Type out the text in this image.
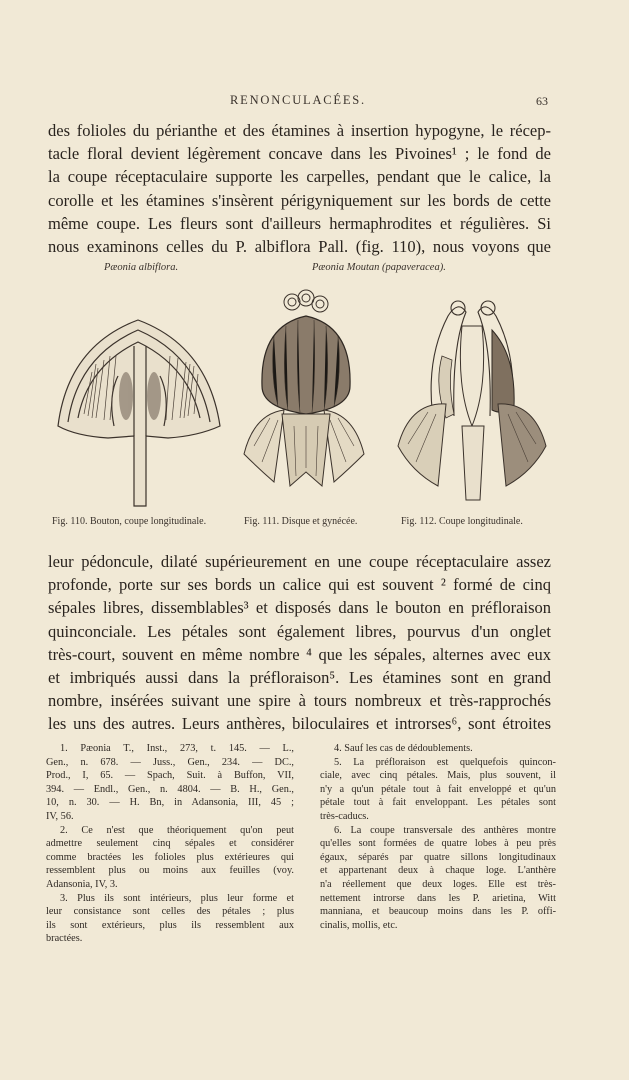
RENONCULACÉES.	63
des folioles du périanthe et des étamines à insertion hypogyne, le récep-
tacle floral devient légèrement concave dans les Pivoines¹ ; le fond de
la coupe réceptaculaire supporte les carpelles, pendant que le calice, la
corolle et les étamines s'insèrent périgyniquement sur les bords de cette
même coupe. Les fleurs sont d'ailleurs hermaphrodites et régulières. Si
nous examinons celles du P. albiflora Pall. (fig. 110), nous voyons que
Pæonia albiflora.	Pæonia Moutan (papaveracea).
Fig. 110. Bouton, coupe longitudinale.	Fig. 111. Disque et gynécée.	Fig. 112. Coupe longitudinale.
leur pédoncule, dilaté supérieurement en une coupe réceptaculaire assez
profonde, porte sur ses bords un calice qui est souvent ² formé de cinq
sépales libres, dissemblables³ et disposés dans le bouton en préfloraison
quinconciale. Les pétales sont également libres, pourvus d'un onglet
très-court, souvent en même nombre ⁴ que les sépales, alternes avec eux
et imbriqués aussi dans la préfloraison⁵. Les étamines sont en grand
nombre, insérées suivant une spire à tours nombreux et très-rapprochés
les uns des autres. Leurs anthères, biloculaires et introrses⁶, sont étroites
1. Pæonia T., Inst., 273, t. 145. — L.,
Gen., n. 678. — Juss., Gen., 234. — DC.,
Prod., I, 65. — Spach, Suit. à Buffon, VII,
394. — Endl., Gen., n. 4804. — B. H., Gen.,
10, n. 30. — H. Bn, in Adansonia, III, 45 ;
IV, 56.
2. Ce n'est que théoriquement qu'on peut
admettre seulement cinq sépales et considérer
comme bractées les folioles plus extérieures qui
ressemblent plus ou moins aux feuilles (voy.
Adansonia, IV, 3.
3. Plus ils sont intérieurs, plus leur forme et
leur consistance sont celles des pétales ; plus
ils sont extérieurs, plus ils ressemblent aux
bractées.
4. Sauf les cas de dédoublements.
5. La préfloraison est quelquefois quincon-
ciale, avec cinq pétales. Mais, plus souvent, il
n'y a qu'un pétale tout à fait enveloppé et qu'un
pétale tout à fait enveloppant. Les pétales sont
très-caducs.
6. La coupe transversale des anthères montre
qu'elles sont formées de quatre lobes à peu près
égaux, séparés par quatre sillons longitudinaux
et appartenant deux à chaque loge. L'anthère
n'a réellement que deux loges. Elle est très-
nettement introrse dans les P. arietina, Witt
manniana, et beaucoup moins dans les P. offi-
cinalis, mollis, etc.
